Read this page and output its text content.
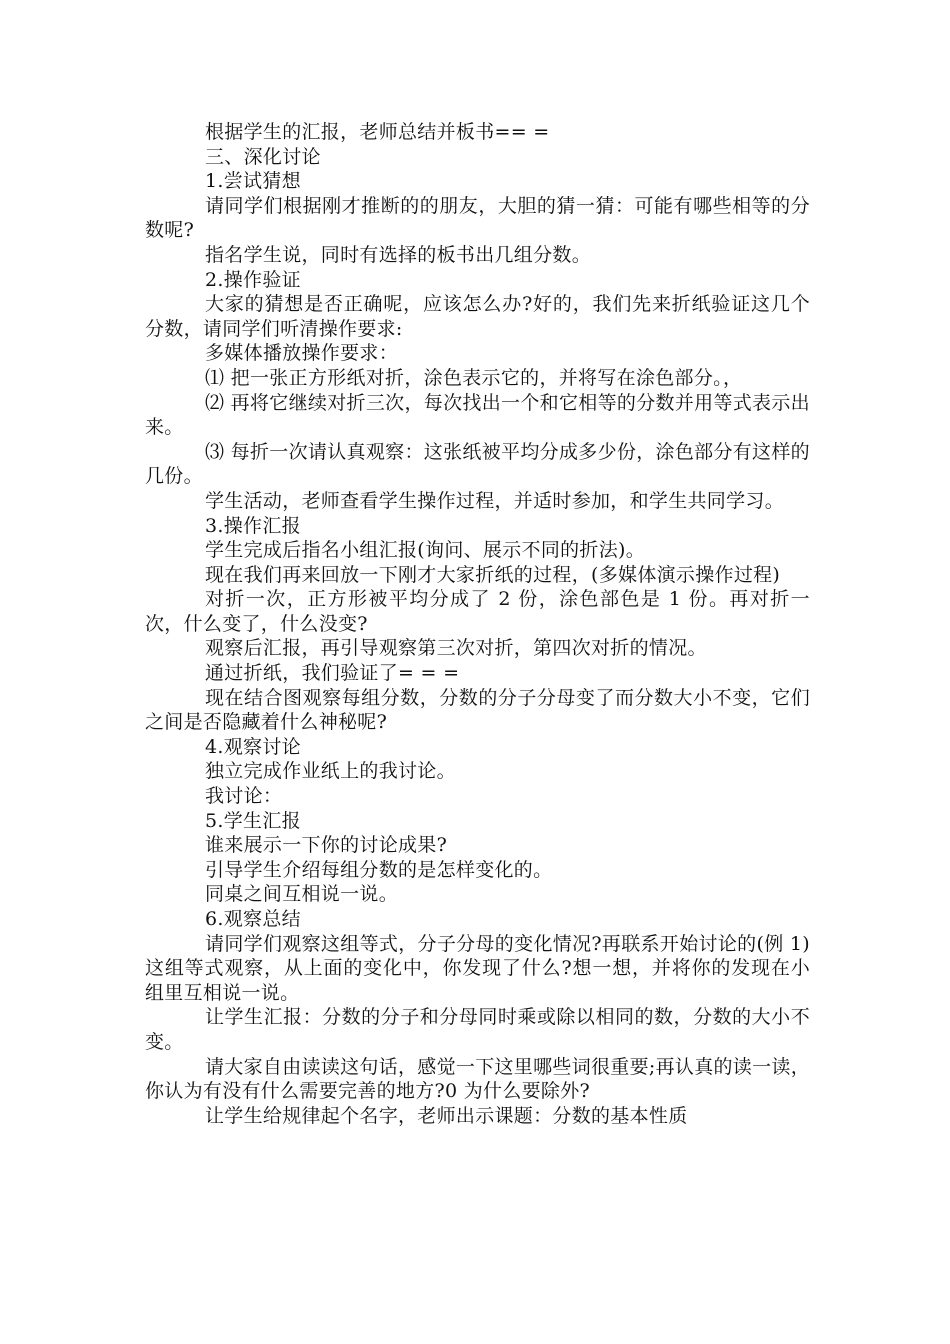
根据学生的汇报，老师总结并板书== =

三、深化讨论

1.尝试猜想

请同学们根据刚才推断的的朋友，大胆的猜一猜：可能有哪些相等的分数呢?

指名学生说，同时有选择的板书出几组分数。

2.操作验证

大家的猜想是否正确呢，应该怎么办?好的，我们先来折纸验证这几个分数，请同学们听清操作要求:

多媒体播放操作要求：

⑴ 把一张正方形纸对折，涂色表示它的，并将写在涂色部分。，

⑵ 再将它继续对折三次，每次找出一个和它相等的分数并用等式表示出来。

⑶ 每折一次请认真观察：这张纸被平均分成多少份，涂色部分有这样的几份。

学生活动，老师查看学生操作过程，并适时参加，和学生共同学习。

3.操作汇报

学生完成后指名小组汇报(询问、展示不同的折法)。

现在我们再来回放一下刚才大家折纸的过程，(多媒体演示操作过程)

对折一次，正方形被平均分成了 2 份，涂色部色是 1 份。再对折一次，什么变了，什么没变?

观察后汇报，再引导观察第三次对折，第四次对折的情况。

通过折纸，我们验证了= = =

现在结合图观察每组分数，分数的分子分母变了而分数大小不变，它们之间是否隐藏着什么神秘呢?

4.观察讨论

独立完成作业纸上的我讨论。

我讨论：

5.学生汇报

谁来展示一下你的讨论成果?

引导学生介绍每组分数的是怎样变化的。

同桌之间互相说一说。

6.观察总结

请同学们观察这组等式，分子分母的变化情况?再联系开始讨论的(例 1)这组等式观察，从上面的变化中，你发现了什么?想一想，并将你的发现在小组里互相说一说。

让学生汇报：分数的分子和分母同时乘或除以相同的数，分数的大小不变。

请大家自由读读这句话，感觉一下这里哪些词很重要;再认真的读一读，你认为有没有什么需要完善的地方?0 为什么要除外?

让学生给规律起个名字，老师出示课题：分数的基本性质
